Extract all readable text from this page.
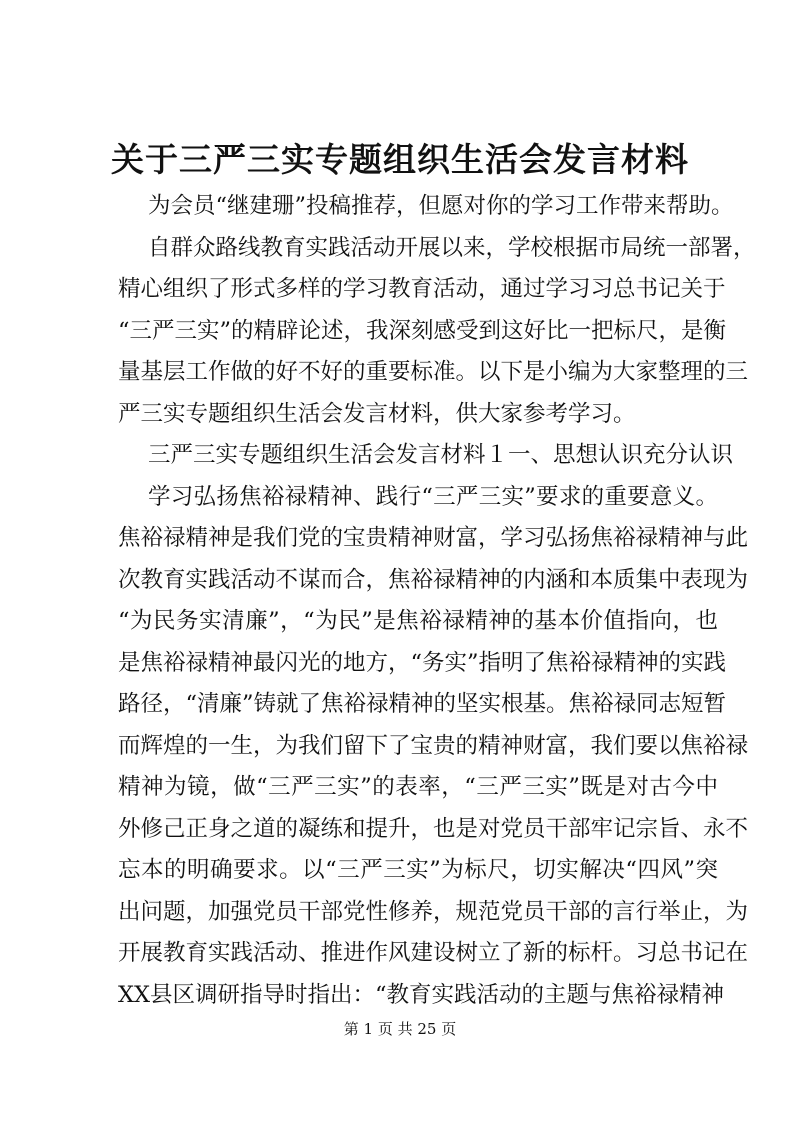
关于三严三实专题组织生活会发言材料
为会员“继建珊”投稿推荐，但愿对你的学习工作带来帮助。
自群众路线教育实践活动开展以来，学校根据市局统一部署，
精心组织了形式多样的学习教育活动，通过学习习总书记关于
“三严三实”的精辟论述，我深刻感受到这好比一把标尺，是衡
量基层工作做的好不好的重要标准。以下是小编为大家整理的三
严三实专题组织生活会发言材料，供大家参考学习。
三严三实专题组织生活会发言材料１一、思想认识充分认识
学习弘扬焦裕禄精神、践行“三严三实”要求的重要意义。
焦裕禄精神是我们党的宝贵精神财富，学习弘扬焦裕禄精神与此
次教育实践活动不谋而合，焦裕禄精神的内涵和本质集中表现为
“为民务实清廉”，“为民”是焦裕禄精神的基本价值指向，也
是焦裕禄精神最闪光的地方，“务实”指明了焦裕禄精神的实践
路径，“清廉”铸就了焦裕禄精神的坚实根基。焦裕禄同志短暂
而辉煌的一生，为我们留下了宝贵的精神财富，我们要以焦裕禄
精神为镜，做“三严三实”的表率，“三严三实”既是对古今中
外修己正身之道的凝练和提升，也是对党员干部牢记宗旨、永不
忘本的明确要求。以“三严三实”为标尺，切实解决“四风”突
出问题，加强党员干部党性修养，规范党员干部的言行举止，为
开展教育实践活动、推进作风建设树立了新的标杆。习总书记在
XX县区调研指导时指出：“教育实践活动的主题与焦裕禄精神
第 1 页 共 25 页
